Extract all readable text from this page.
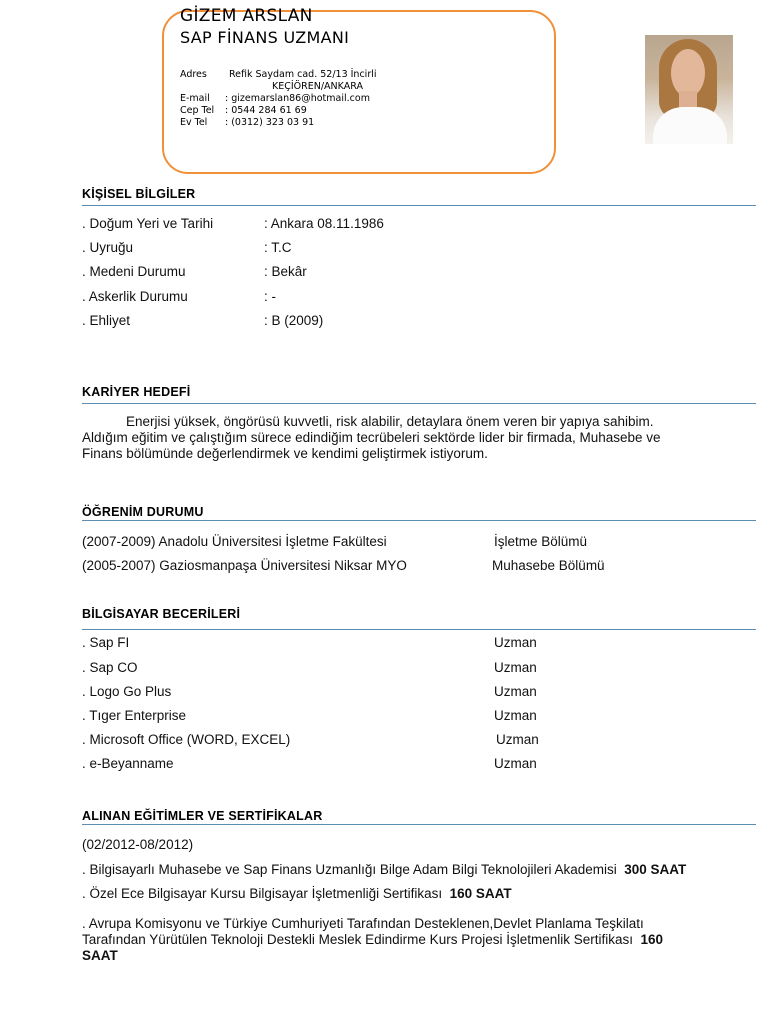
GİZEM ARSLAN
SAP FİNANS UZMANI
Adres Refik Saydam cad. 52/13 İncirli
KEÇİÖREN/ANKARA
E-mail : gizemarslan86@hotmail.com
Cep Tel : 0544 284 61 69
Ev Tel : (0312) 323 03 91
KİŞİSEL BİLGİLER
. Doğum Yeri ve Tarihi	: Ankara 08.11.1986
. Uyruğu	: T.C
. Medeni Durumu	: Bekâr
. Askerlik Durumu	: -
. Ehliyet	: B (2009)
KARİYER HEDEFİ
Enerjisi yüksek, öngörüsü kuvvetli, risk alabilir, detaylara önem veren bir yapıya sahibim.
Aldığım eğitim ve çalıştığım sürece edindiğim tecrübeleri sektörde lider bir firmada, Muhasebe ve
Finans bölümünde değerlendirmek ve kendimi geliştirmek istiyorum.
ÖĞRENİM DURUMU
(2007-2009) Anadolu Üniversitesi İşletme Fakültesi	İşletme Bölümü
(2005-2007) Gaziosmanpaşa Üniversitesi Niksar MYO	Muhasebe Bölümü
BİLGİSAYAR BECERİLERİ
. Sap FI	Uzman
. Sap CO	Uzman
. Logo Go Plus	Uzman
. Tıger Enterprise	Uzman
. Microsoft Office (WORD, EXCEL)	Uzman
. e-Beyanname	Uzman
ALINAN EĞİTİMLER VE SERTİFİKALAR
(02/2012-08/2012)
. Bilgisayarlı Muhasebe ve Sap Finans Uzmanlığı Bilge Adam Bilgi Teknolojileri Akademisi 300 SAAT
. Özel Ece Bilgisayar Kursu Bilgisayar İşletmenliği Sertifikası 160 SAAT
. Avrupa Komisyonu ve Türkiye Cumhuriyeti Tarafından Desteklenen,Devlet Planlama Teşkilatı
Tarafından Yürütülen Teknoloji Destekli Meslek Edindirme Kurs Projesi İşletmenlik Sertifikası 160
SAAT
